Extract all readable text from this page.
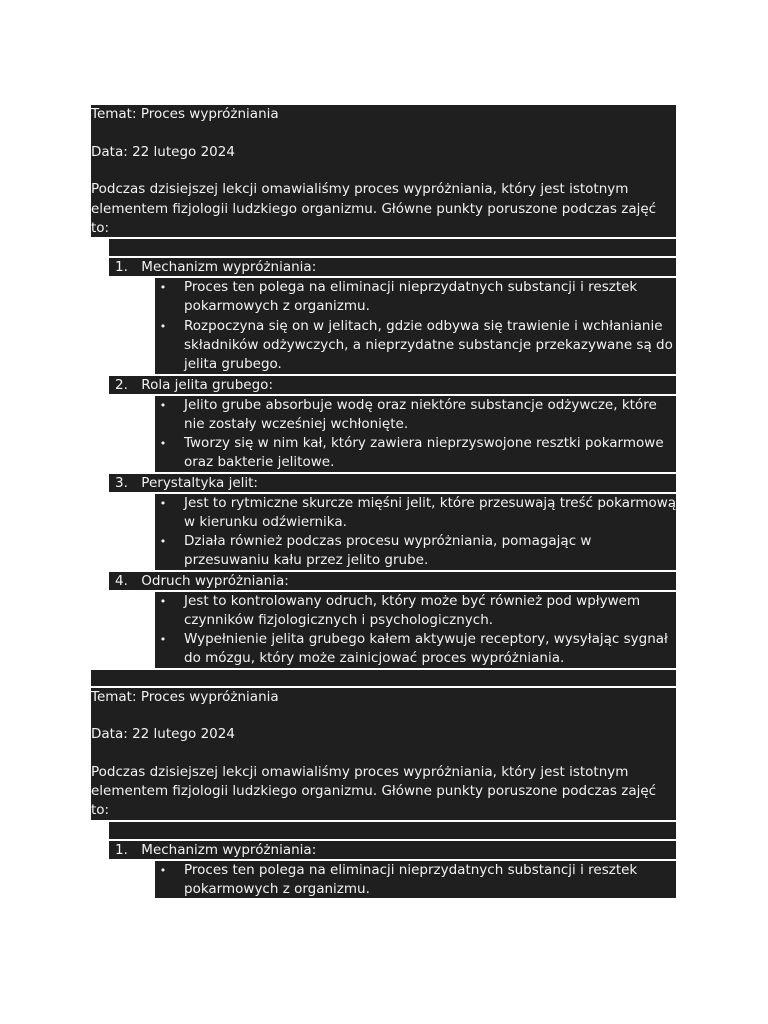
Temat: Proces wypróżniania
Data: 22 lutego 2024
Podczas dzisiejszej lekcji omawialiśmy proces wypróżniania, który jest istotnym
elementem fizjologii ludzkiego organizmu. Główne punkty poruszone podczas zajęć
to:
1. Mechanizm wypróżniania:
• Proces ten polega na eliminacji nieprzydatnych substancji i resztek
pokarmowych z organizmu.
• Rozpoczyna się on w jelitach, gdzie odbywa się trawienie i wchłanianie
składników odżywczych, a nieprzydatne substancje przekazywane są do
jelita grubego.
2. Rola jelita grubego:
• Jelito grube absorbuje wodę oraz niektóre substancje odżywcze, które
nie zostały wcześniej wchłonięte.
• Tworzy się w nim kał, który zawiera nieprzyswojone resztki pokarmowe
oraz bakterie jelitowe.
3. Perystaltyka jelit:
• Jest to rytmiczne skurcze mięśni jelit, które przesuwają treść pokarmową
w kierunku odźwiernika.
• Działa również podczas procesu wypróżniania, pomagając w
przesuwaniu kału przez jelito grube.
4. Odruch wypróżniania:
• Jest to kontrolowany odruch, który może być również pod wpływem
czynników fizjologicznych i psychologicznych.
• Wypełnienie jelita grubego kałem aktywuje receptory, wysyłając sygnał
do mózgu, który może zainicjować proces wypróżniania.
Temat: Proces wypróżniania
Data: 22 lutego 2024
Podczas dzisiejszej lekcji omawialiśmy proces wypróżniania, który jest istotnym
elementem fizjologii ludzkiego organizmu. Główne punkty poruszone podczas zajęć
to:
1. Mechanizm wypróżniania:
• Proces ten polega na eliminacji nieprzydatnych substancji i resztek
pokarmowych z organizmu.
